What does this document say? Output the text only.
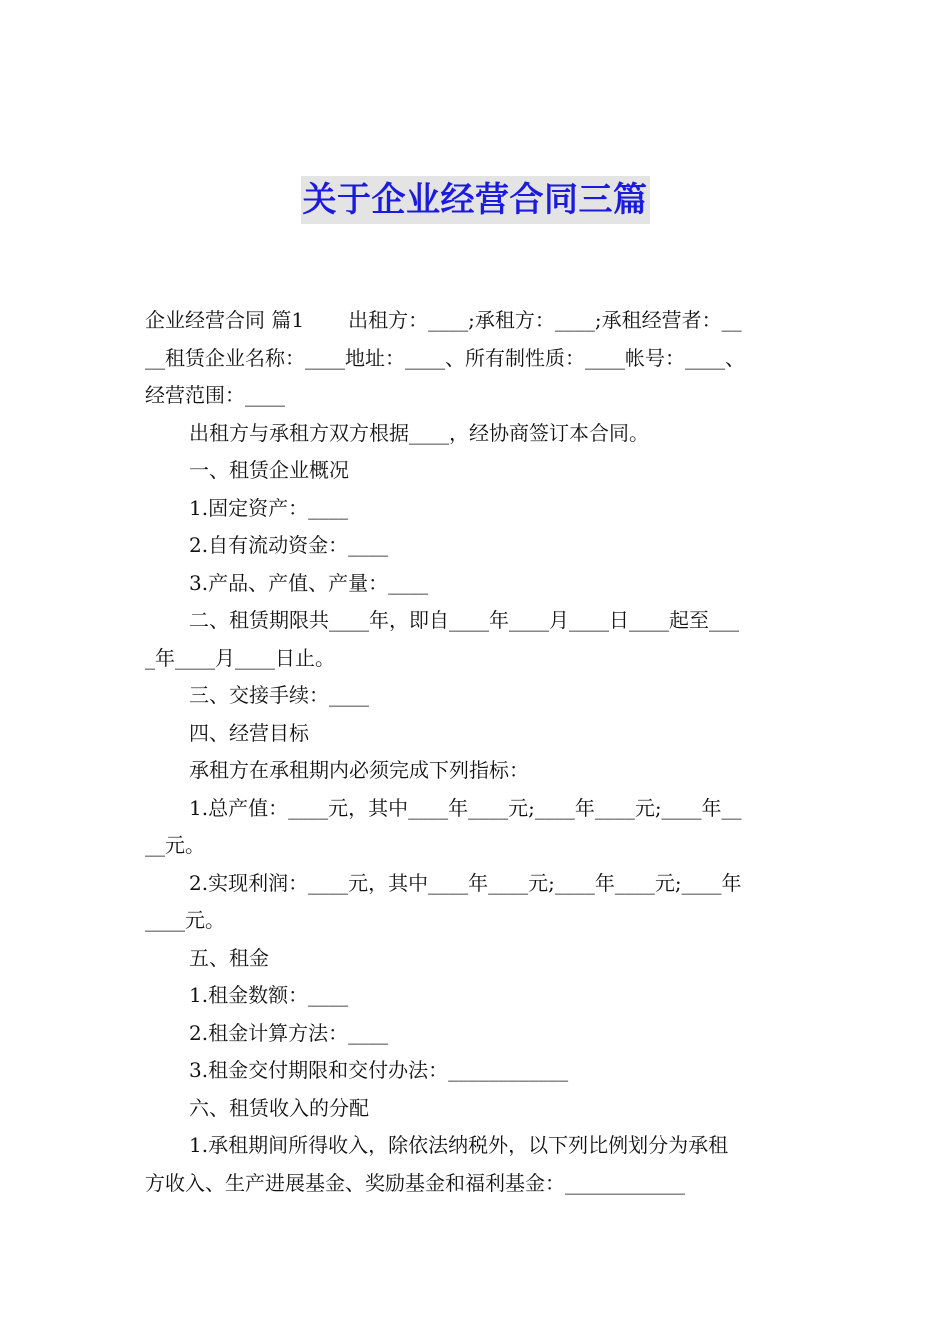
关于企业经营合同三篇

企业经营合同 篇1 出租方：____;承租方：____;承租经营者：__

__租赁企业名称：____地址：____、所有制性质：____帐号：____、

经营范围：____

出租方与承租方双方根据____，经协商签订本合同。

一、租赁企业概况

1.固定资产：____

2.自有流动资金：____

3.产品、产值、产量：____

二、租赁期限共____年，即自____年____月____日____起至___

_年____月____日止。

三、交接手续：____

四、经营目标

承租方在承租期内必须完成下列指标：

1.总产值：____元，其中____年____元;____年____元;____年__

__元。

2.实现利润：____元，其中____年____元;____年____元;____年

____元。

五、租金

1.租金数额：____

2.租金计算方法：____

3.租金交付期限和交付办法：____________

六、租赁收入的分配

1.承租期间所得收入，除依法纳税外，以下列比例划分为承租

方收入、生产进展基金、奖励基金和福利基金：____________
